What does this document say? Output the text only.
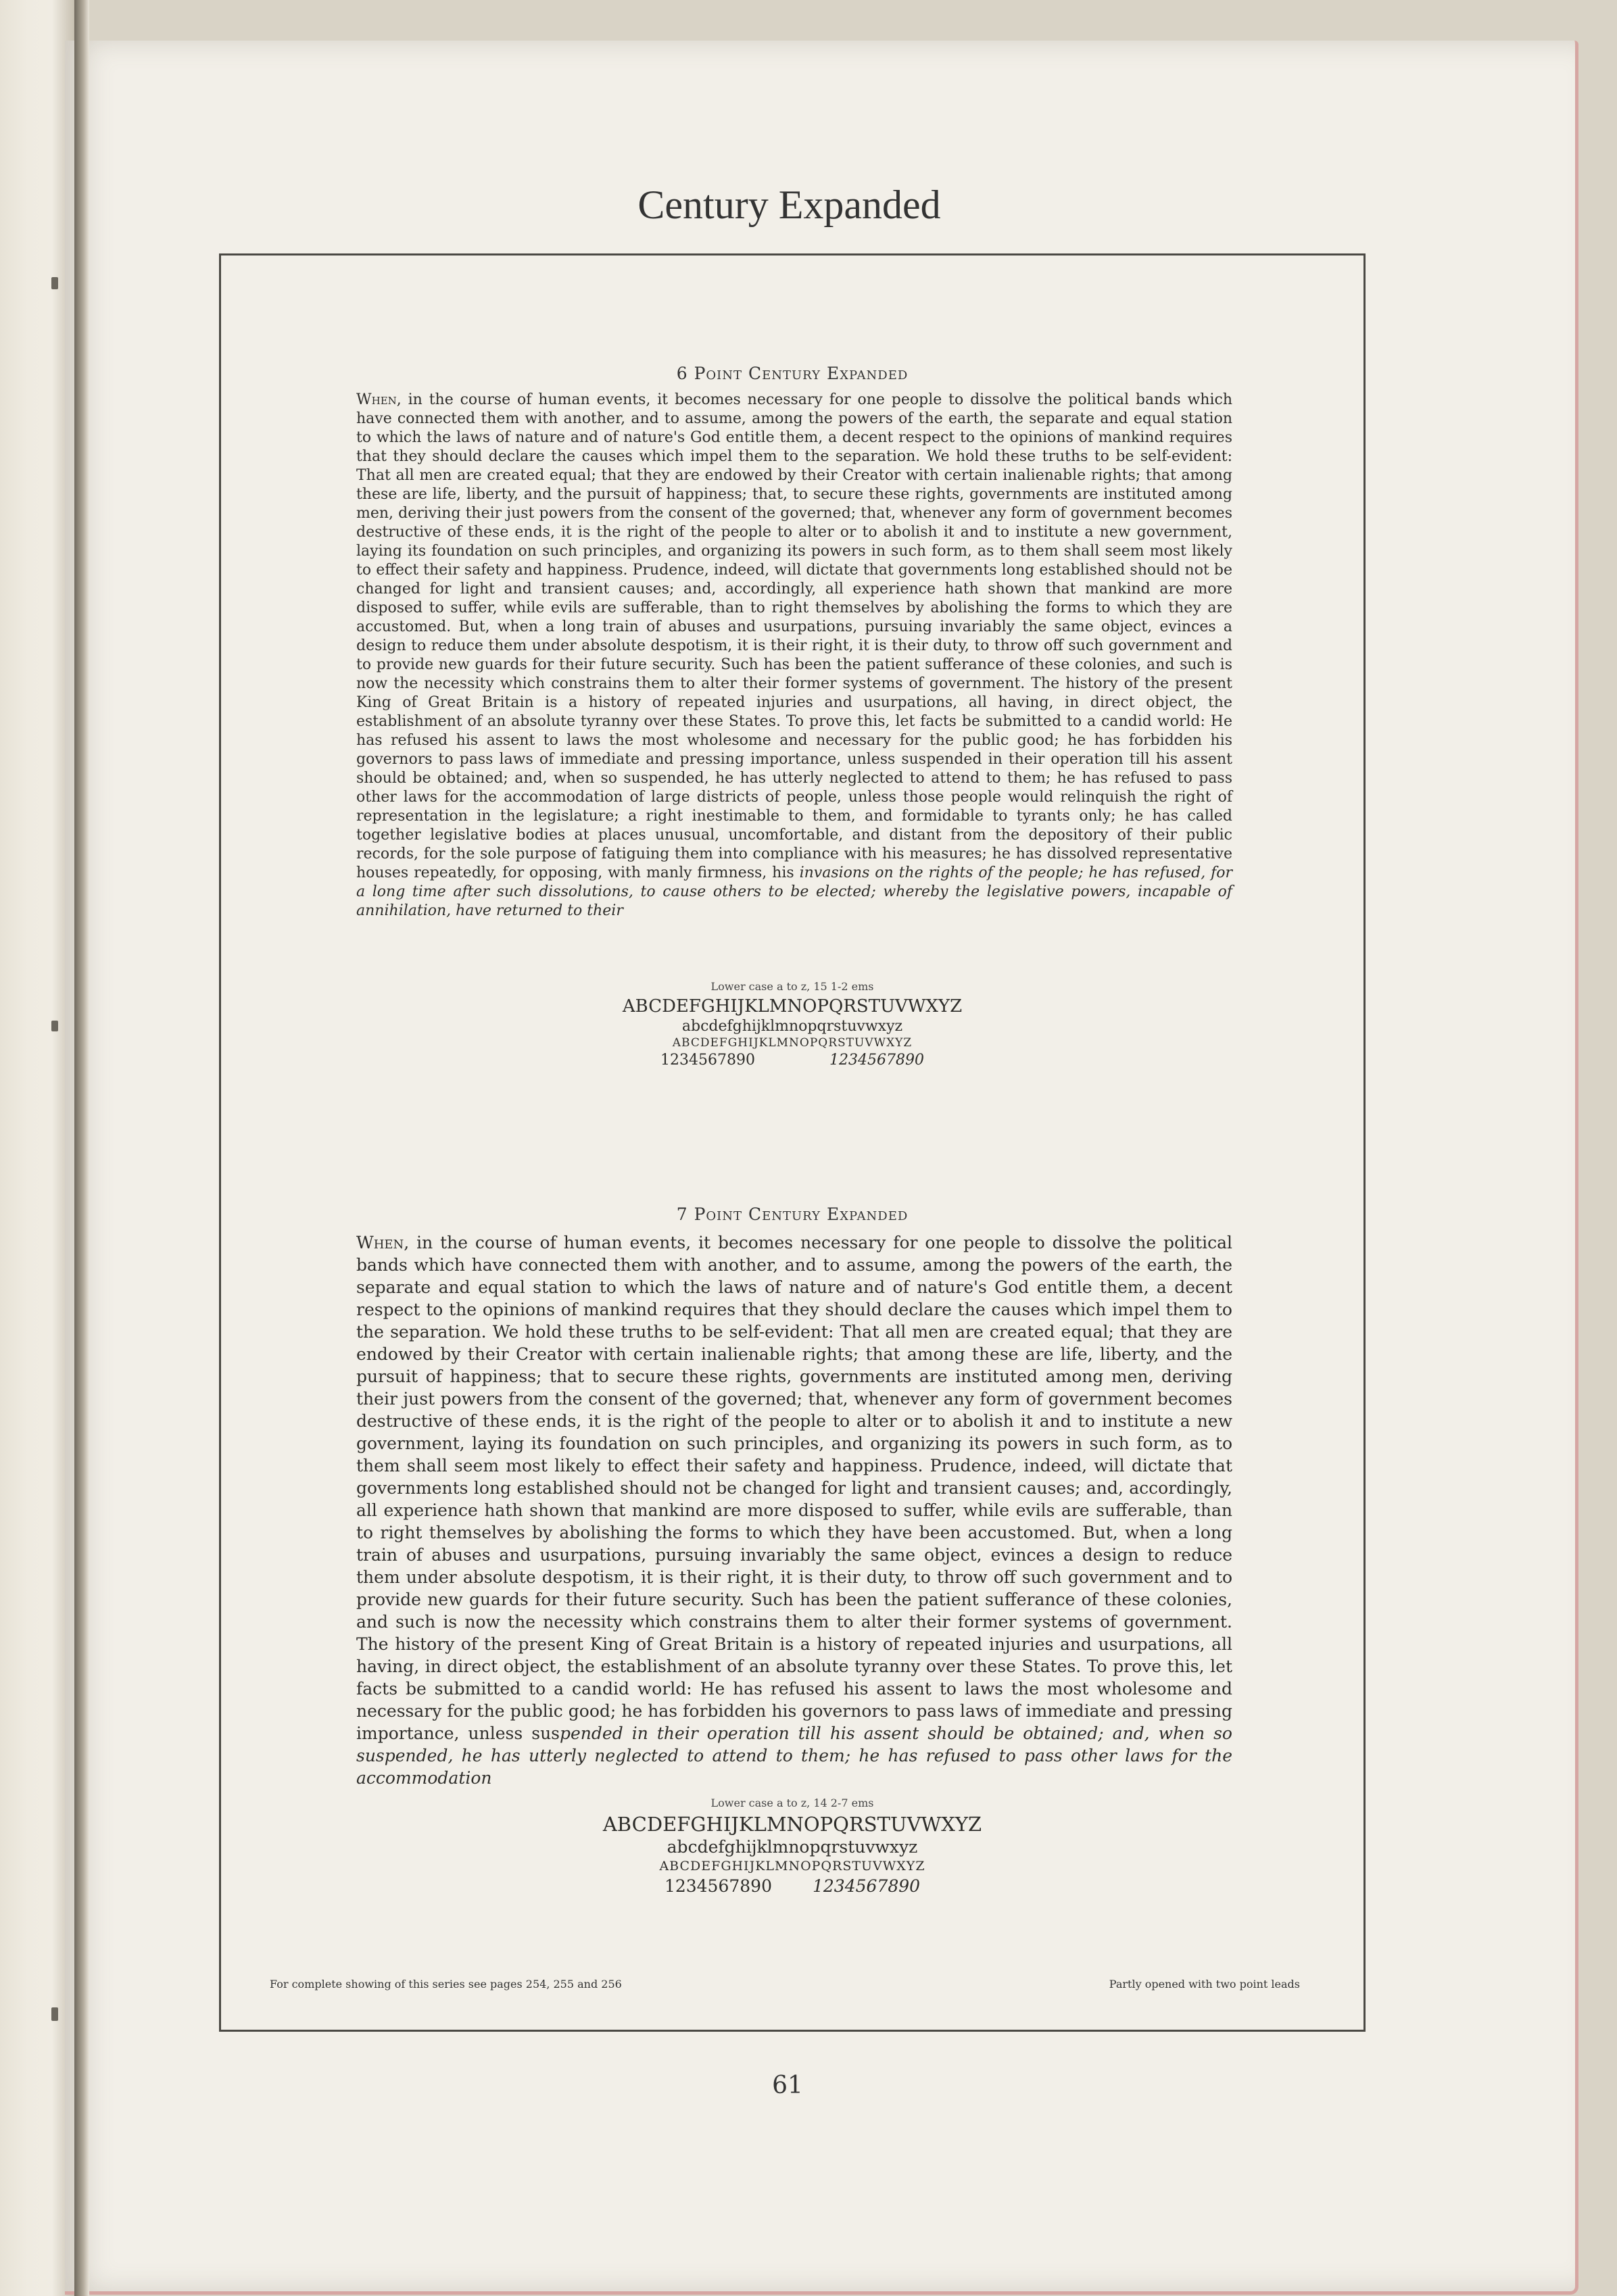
Century Expanded
6 Point Century Expanded

When, in the course of human events, it becomes necessary for one people to dissolve the political bands which have connected them with another, and to assume, among the powers of the earth, the separate and equal station to which the laws of nature and of nature's God entitle them, a decent respect to the opinions of mankind requires that they should declare the causes which impel them to the separation. We hold these truths to be self-evident: That all men are created equal; that they are endowed by their Creator with certain inalienable rights; that among these are life, liberty, and the pursuit of happiness; that, to secure these rights, governments are instituted among men, deriving their just powers from the consent of the governed; that, whenever any form of government becomes destructive of these ends, it is the right of the people to alter or to abolish it and to institute a new government, laying its foundation on such principles, and organizing its powers in such form, as to them shall seem most likely to effect their safety and happiness. Prudence, indeed, will dictate that governments long established should not be changed for light and transient causes; and, accordingly, all experience hath shown that mankind are more disposed to suffer, while evils are sufferable, than to right themselves by abolishing the forms to which they are accustomed. But, when a long train of abuses and usurpations, pursuing invariably the same object, evinces a design to reduce them under absolute despotism, it is their right, it is their duty, to throw off such government and to provide new guards for their future security. Such has been the patient sufferance of these colonies, and such is now the necessity which constrains them to alter their former systems of government. The history of the present King of Great Britain is a history of repeated injuries and usurpations, all having, in direct object, the establishment of an absolute tyranny over these States. To prove this, let facts be submitted to a candid world: He has refused his assent to laws the most wholesome and necessary for the public good; he has forbidden his governors to pass laws of immediate and pressing importance, unless suspended in their operation till his assent should be obtained; and, when so suspended, he has utterly neglected to attend to them; he has refused to pass other laws for the accommodation of large districts of people, unless those people would relinquish the right of representation in the legislature; a right inestimable to them, and formidable to tyrants only; he has called together legislative bodies at places unusual, uncomfortable, and distant from the depository of their public records, for the sole purpose of fatiguing them into compliance with his measures; he has dissolved representative houses repeatedly, for opposing, with manly firmness, his invasions on the rights of the people; he has refused, for a long time after such dissolutions, to cause others to be elected; whereby the legislative powers, incapable of annihilation, have returned to their

Lower case a to z, 15 1-2 ems
ABCDEFGHIJKLMNOPQRSTUVWXYZ
abcdefghijklmnopqrstuvwxyz
ABCDEFGHIJKLMNOPQRSTUVWXYZ
1234567890	1234567890
7 Point Century Expanded

When, in the course of human events, it becomes necessary for one people to dissolve the political bands which have connected them with another, and to assume, among the powers of the earth, the separate and equal station to which the laws of nature and of nature's God entitle them, a decent respect to the opinions of mankind requires that they should declare the causes which impel them to the separation. We hold these truths to be self-evident: That all men are created equal; that they are endowed by their Creator with certain inalienable rights; that among these are life, liberty, and the pursuit of happiness; that to secure these rights, governments are instituted among men, deriving their just powers from the consent of the governed; that, whenever any form of government becomes destructive of these ends, it is the right of the people to alter or to abolish it and to institute a new government, laying its foundation on such principles, and organizing its powers in such form, as to them shall seem most likely to effect their safety and happiness. Prudence, indeed, will dictate that governments long established should not be changed for light and transient causes; and, accordingly, all experience hath shown that mankind are more disposed to suffer, while evils are sufferable, than to right themselves by abolishing the forms to which they have been accustomed. But, when a long train of abuses and usurpations, pursuing invariably the same object, evinces a design to reduce them under absolute despotism, it is their right, it is their duty, to throw off such government and to provide new guards for their future security. Such has been the patient sufferance of these colonies, and such is now the necessity which constrains them to alter their former systems of government. The history of the present King of Great Britain is a history of repeated injuries and usurpations, all having, in direct object, the establishment of an absolute tyranny over these States. To prove this, let facts be submitted to a candid world: He has refused his assent to laws the most wholesome and necessary for the public good; he has forbidden his governors to pass laws of immediate and pressing importance, unless suspended in their operation till his assent should be obtained; and, when so suspended, he has utterly neglected to attend to them; he has refused to pass other laws for the accommodation

Lower case a to z, 14 2-7 ems
ABCDEFGHIJKLMNOPQRSTUVWXYZ
abcdefghijklmnopqrstuvwxyz
ABCDEFGHIJKLMNOPQRSTUVWXYZ
1234567890 1234567890
For complete showing of this series see pages 254, 255 and 256	Partly opened with two point leads
61
